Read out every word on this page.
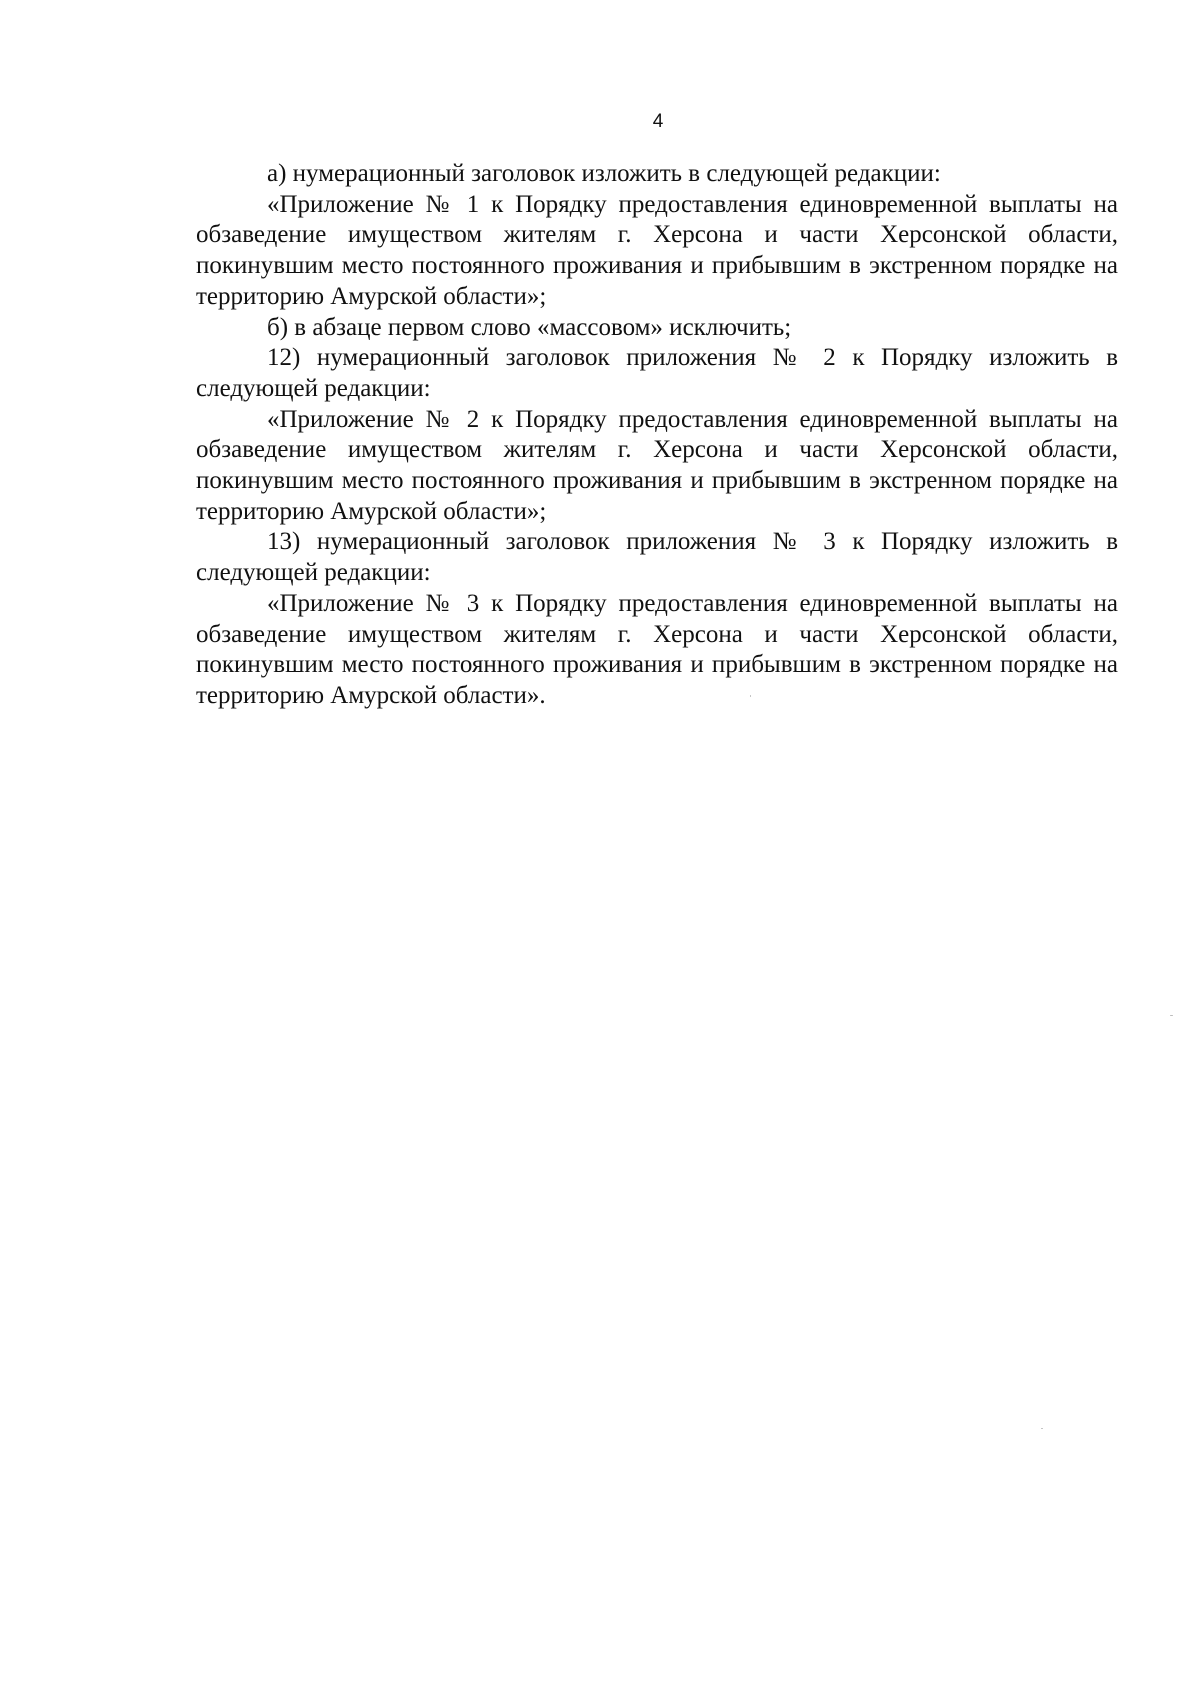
4

а) нумерационный заголовок изложить в следующей редакции:

«Приложение № 1 к Порядку предоставления единовременной выплаты на обзаведение имуществом жителям г. Херсона и части Херсонской области, покинувшим место постоянного проживания и прибывшим в экстренном порядке на территорию Амурской области»;

б) в абзаце первом слово «массовом» исключить;

12) нумерационный заголовок приложения № 2 к Порядку изложить в следующей редакции:

«Приложение № 2 к Порядку предоставления единовременной выплаты на обзаведение имуществом жителям г. Херсона и части Херсонской области, покинувшим место постоянного проживания и прибывшим в экстренном порядке на территорию Амурской области»;

13) нумерационный заголовок приложения № 3 к Порядку изложить в следующей редакции:

«Приложение № 3 к Порядку предоставления единовременной выплаты на обзаведение имуществом жителям г. Херсона и части Херсонской области, покинувшим место постоянного проживания и прибывшим в экстренном порядке на территорию Амурской области».
